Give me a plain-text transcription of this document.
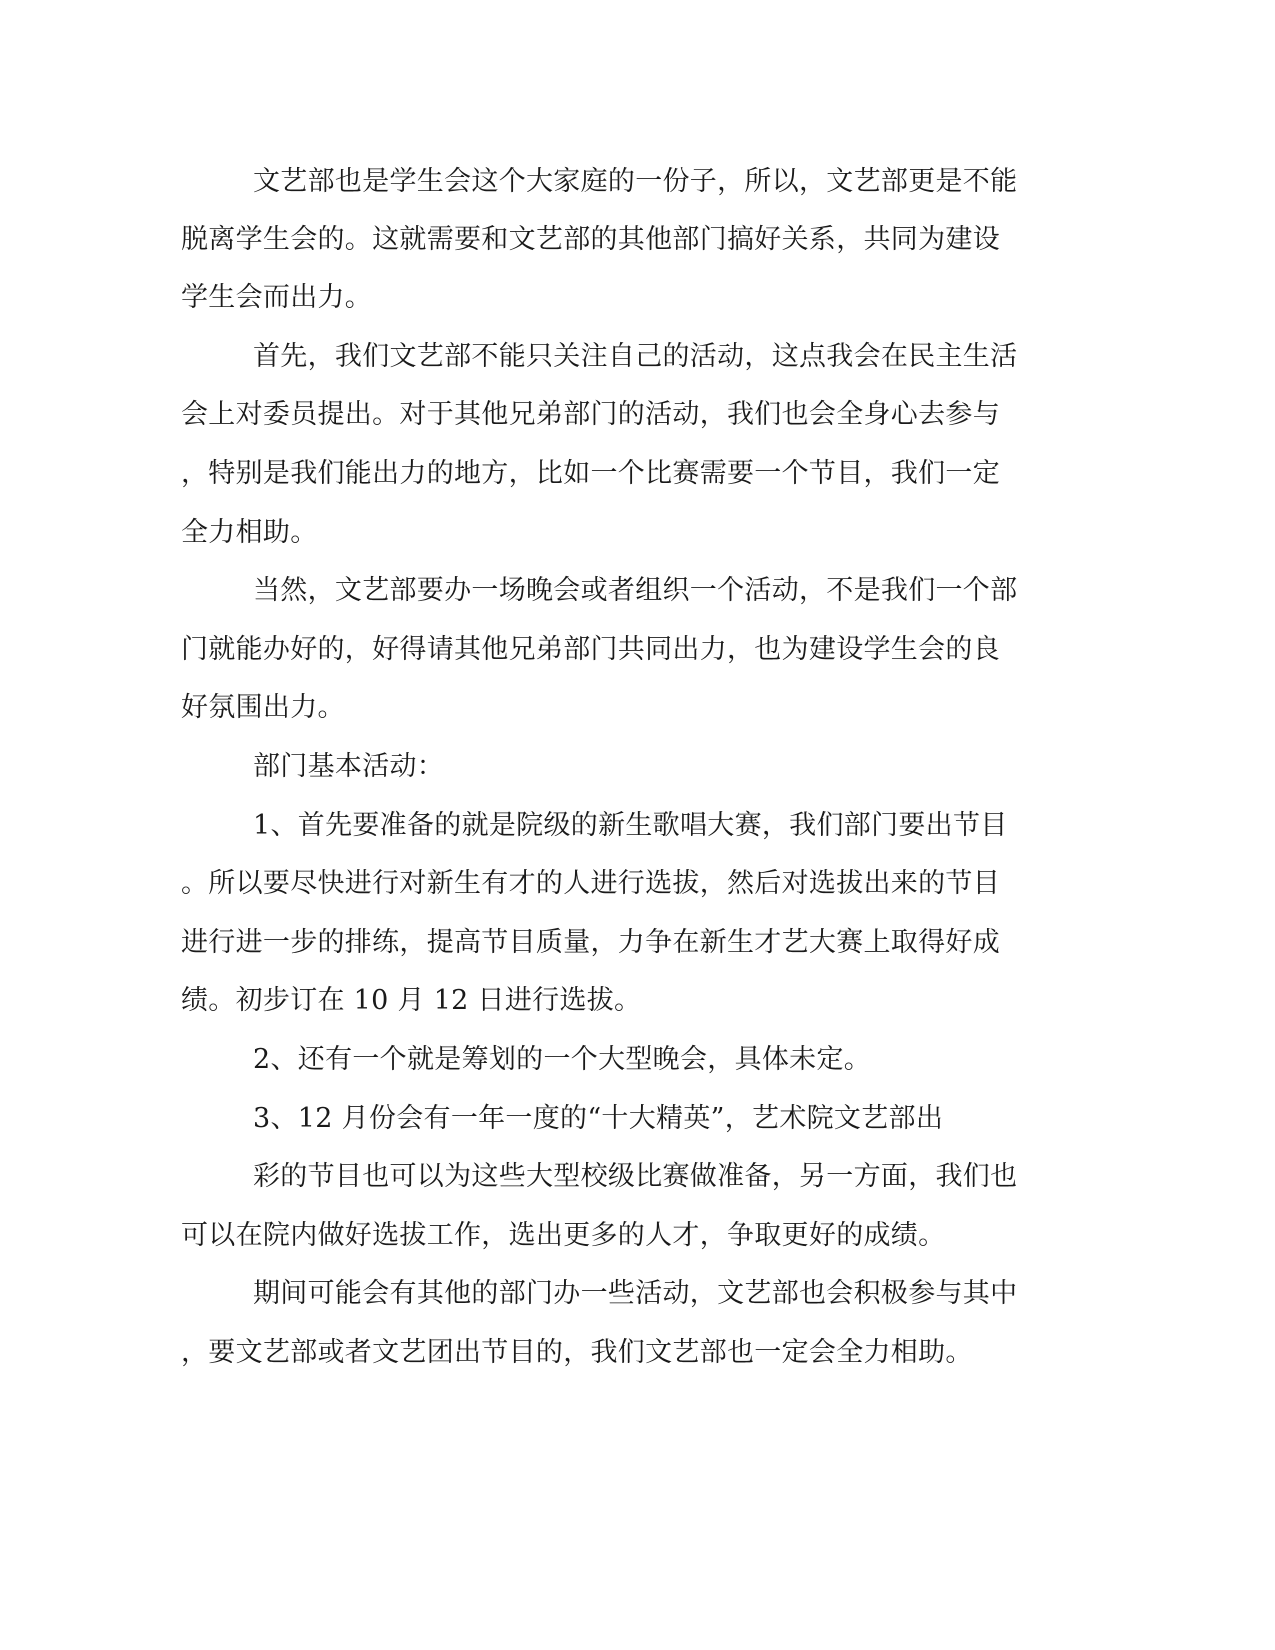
文艺部也是学生会这个大家庭的一份子，所以，文艺部更是不能

脱离学生会的。这就需要和文艺部的其他部门搞好关系，共同为建设

学生会而出力。

首先，我们文艺部不能只关注自己的活动，这点我会在民主生活

会上对委员提出。对于其他兄弟部门的活动，我们也会全身心去参与

，特别是我们能出力的地方，比如一个比赛需要一个节目，我们一定

全力相助。

当然，文艺部要办一场晚会或者组织一个活动，不是我们一个部

门就能办好的，好得请其他兄弟部门共同出力，也为建设学生会的良

好氛围出力。

部门基本活动：

1、首先要准备的就是院级的新生歌唱大赛，我们部门要出节目

。所以要尽快进行对新生有才的人进行选拔，然后对选拔出来的节目

进行进一步的排练，提高节目质量，力争在新生才艺大赛上取得好成

绩。初步订在 10 月 12 日进行选拔。

2、还有一个就是筹划的一个大型晚会，具体未定。

3、12 月份会有一年一度的“十大精英”，艺术院文艺部出

彩的节目也可以为这些大型校级比赛做准备，另一方面，我们也

可以在院内做好选拔工作，选出更多的人才，争取更好的成绩。

期间可能会有其他的部门办一些活动，文艺部也会积极参与其中

，要文艺部或者文艺团出节目的，我们文艺部也一定会全力相助。
